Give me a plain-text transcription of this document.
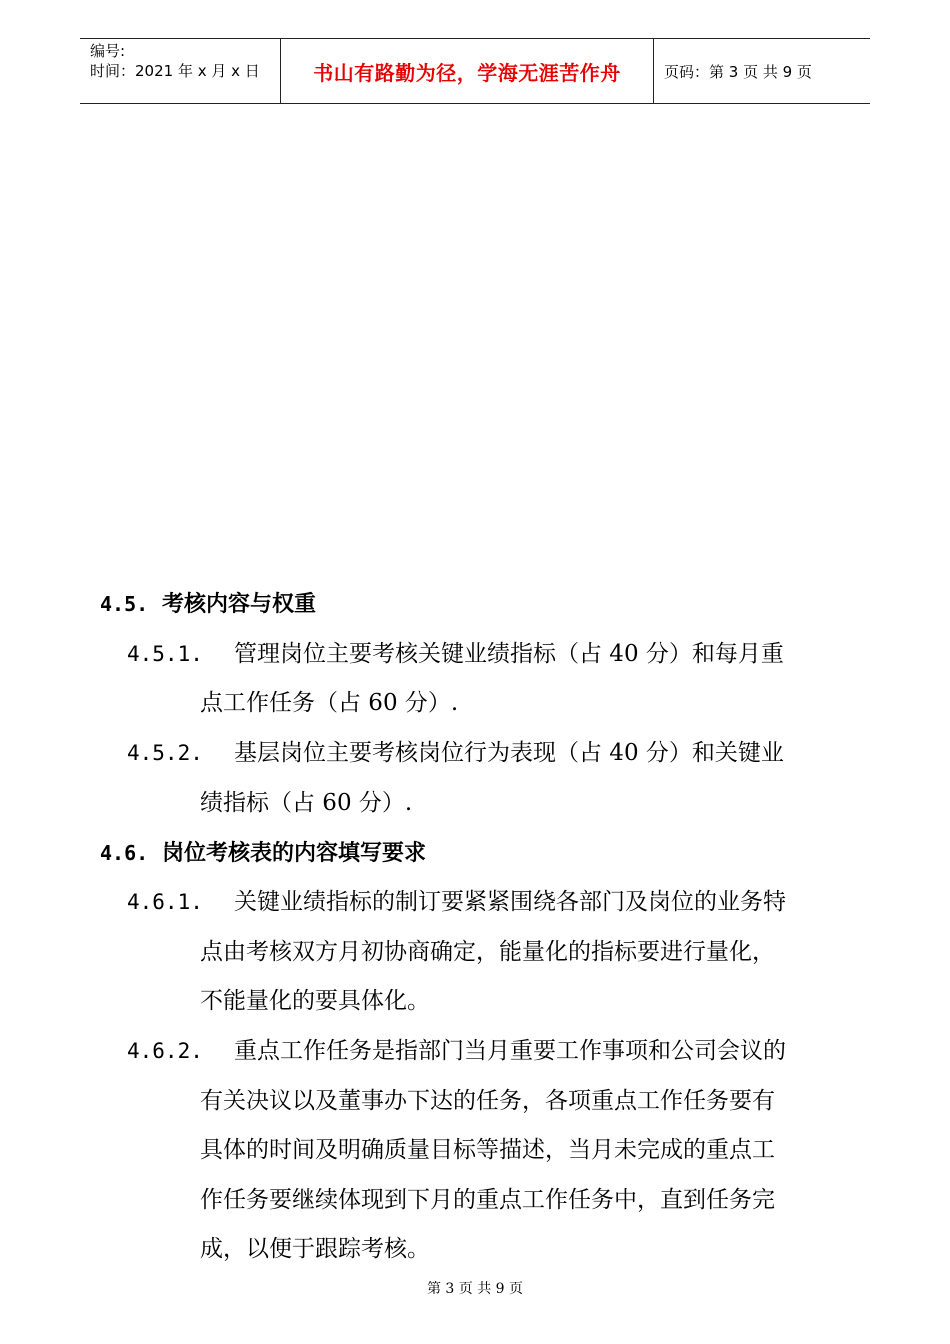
编号:
时间：2021 年 x 月 x 日	书山有路勤为径，学海无涯苦作舟	页码：第 3 页 共 9 页
4.5. 考核内容与权重
4.5.1. 管理岗位主要考核关键业绩指标（占 40 分）和每月重
点工作任务（占 60 分）.
4.5.2. 基层岗位主要考核岗位行为表现（占 40 分）和关键业
绩指标（占 60 分）.
4.6. 岗位考核表的内容填写要求
4.6.1. 关键业绩指标的制订要紧紧围绕各部门及岗位的业务特
点由考核双方月初协商确定，能量化的指标要进行量化，
不能量化的要具体化。
4.6.2. 重点工作任务是指部门当月重要工作事项和公司会议的
有关决议以及董事办下达的任务，各项重点工作任务要有
具体的时间及明确质量目标等描述，当月未完成的重点工
作任务要继续体现到下月的重点工作任务中，直到任务完
成，以便于跟踪考核。
第 3 页 共 9 页
